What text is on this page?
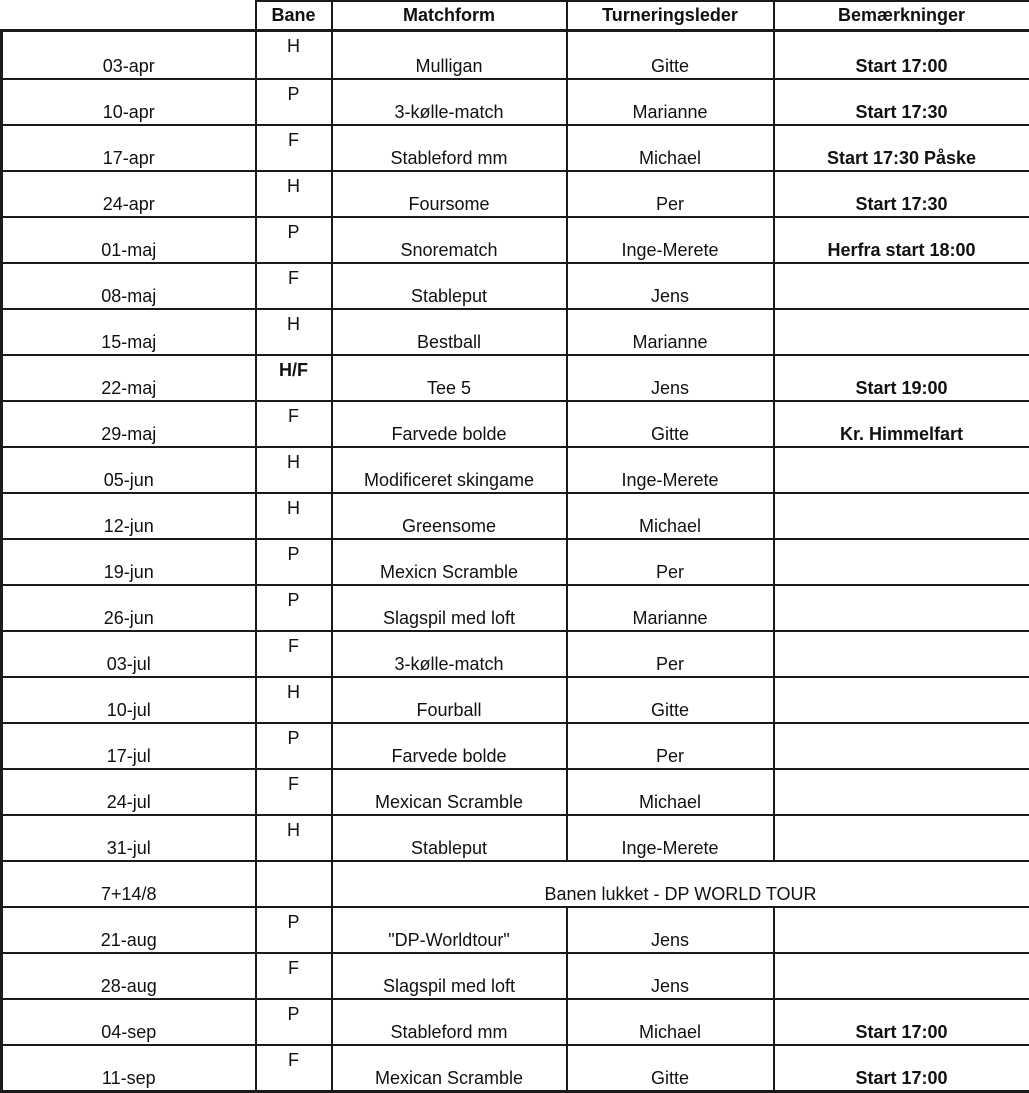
	Bane	Matchform	Turneringsleder	Bemærkninger
03-apr	H	Mulligan	Gitte	Start 17:00
10-apr	P	3-kølle-match	Marianne	Start 17:30
17-apr	F	Stableford mm	Michael	Start 17:30 Påske
24-apr	H	Foursome	Per	Start 17:30
01-maj	P	Snorematch	Inge-Merete	Herfra start 18:00
08-maj	F	Stableput	Jens	
15-maj	H	Bestball	Marianne	
22-maj	H/F	Tee 5	Jens	Start 19:00
29-maj	F	Farvede bolde	Gitte	Kr. Himmelfart
05-jun	H	Modificeret skingame	Inge-Merete	
12-jun	H	Greensome	Michael	
19-jun	P	Mexicn Scramble	Per	
26-jun	P	Slagspil med loft	Marianne	
03-jul	F	3-kølle-match	Per	
10-jul	H	Fourball	Gitte	
17-jul	P	Farvede bolde	Per	
24-jul	F	Mexican Scramble	Michael	
31-jul	H	Stableput	Inge-Merete	
7+14/8		Banen lukket - DP WORLD TOUR		
21-aug	P	"DP-Worldtour"	Jens	
28-aug	F	Slagspil med loft	Jens	
04-sep	P	Stableford mm	Michael	Start 17:00
11-sep	F	Mexican Scramble	Gitte	Start 17:00
